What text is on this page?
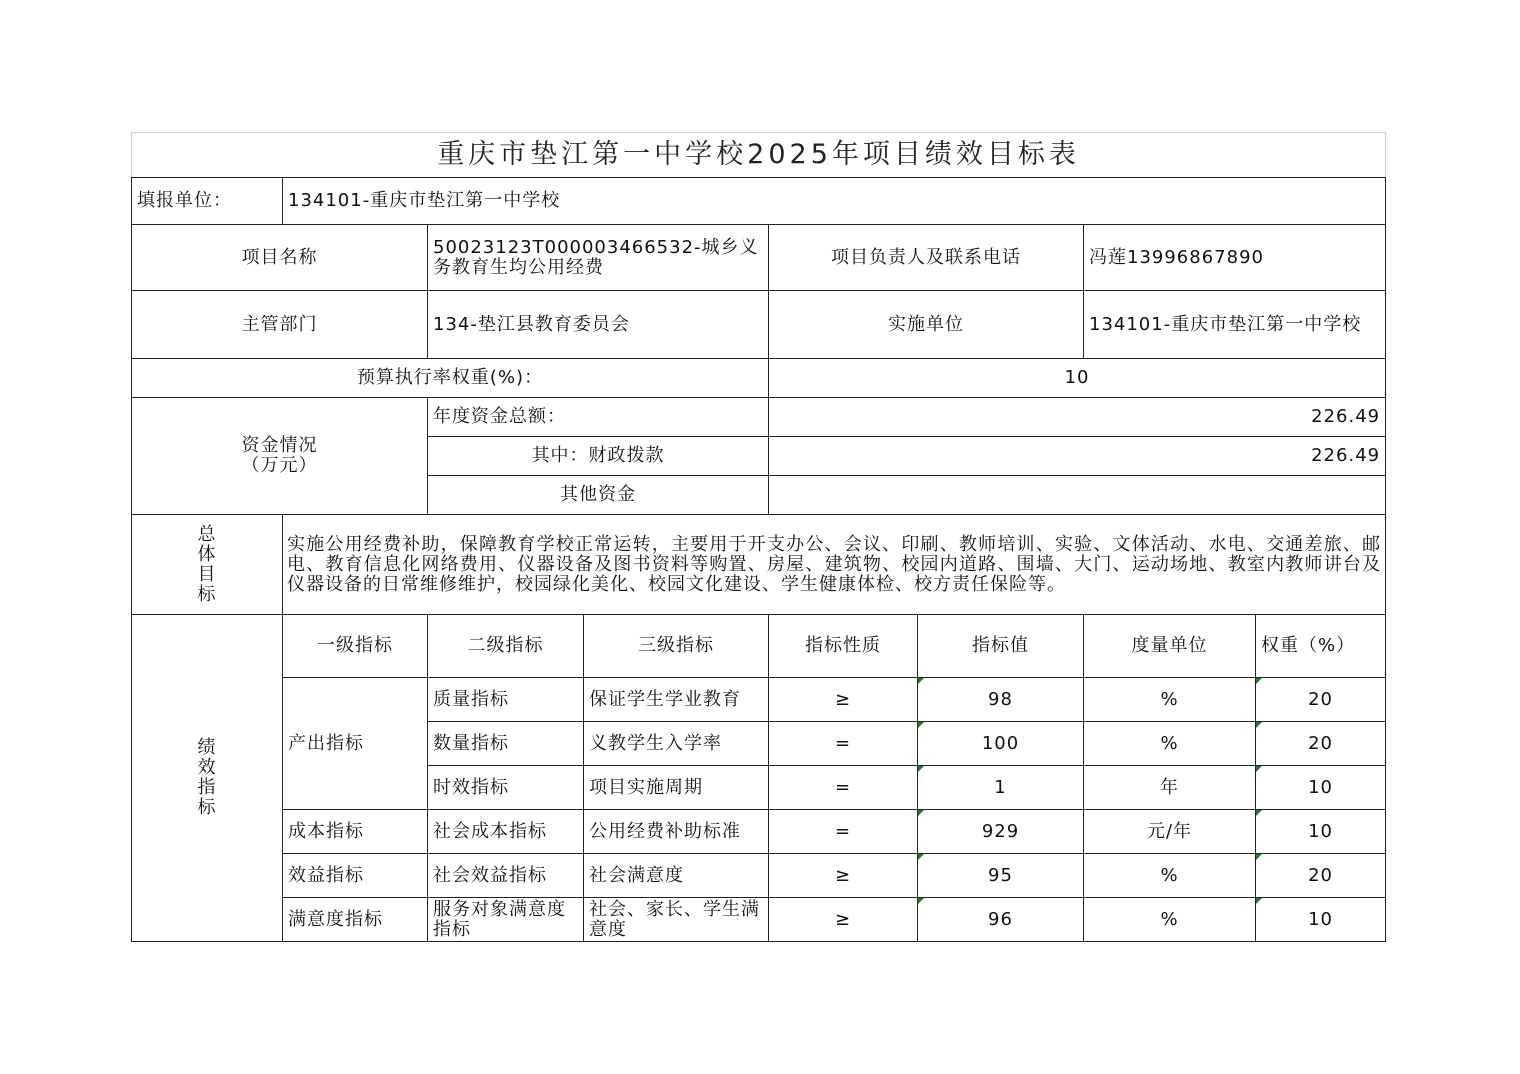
重庆市垫江第一中学校2025年项目绩效目标表							
填报单位：	134101-重庆市垫江第一中学校						
项目名称		50023123T000003466532-城乡义务教育生均公用经费		项目负责人及联系电话		冯莲13996867890	
主管部门		134-垫江县教育委员会		实施单位		134101-重庆市垫江第一中学校	
预算执行率权重(%)：				10			

资金情况
（万元）		年度资金总额：		226.49			
		其中：财政拨款		226.49			
		其他资金					

总
体
目
标	实施公用经费补助，保障教育学校正常运转，主要用于开支办公、会议、印刷、教师培训、实验、文体活动、水电、交通差旅、邮电、教育信息化网络费用、仪器设备及图书资料等购置、房屋、建筑物、校园内道路、围墙、大门、运动场地、教室内教师讲台及仪器设备的日常维修维护，校园绿化美化、校园文化建设、学生健康体检、校方责任保险等。						

绩
效
指
标	一级指标	二级指标	三级指标	指标性质	指标值	度量单位	权重（%）
	产出指标	质量指标	保证学生学业教育	≥	98	%	20
		数量指标	义教学生入学率	=	100	%	20
		时效指标	项目实施周期	=	1	年	10
	成本指标	社会成本指标	公用经费补助标准	=	929	元/年	10
	效益指标	社会效益指标	社会满意度	≥	95	%	20
	满意度指标	服务对象满意度指标	社会、家长、学生满意度	≥	96	%	10
